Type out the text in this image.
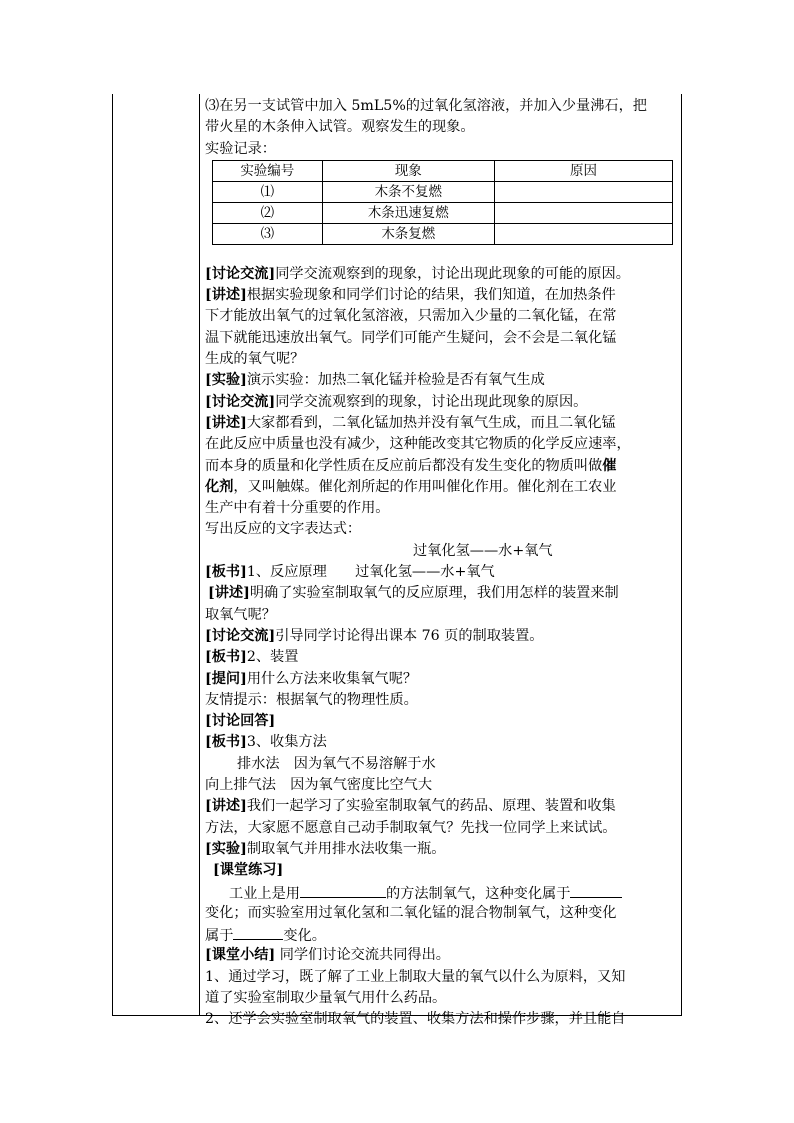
⑶在另一支试管中加入 5mL5%的过氧化氢溶液，并加入少量沸石，把
带火星的木条伸入试管。观察发生的现象。
实验记录：
实验编号	现象	原因
⑴	木条不复燃	
⑵	木条迅速复燃	
⑶	木条复燃	
[讨论交流]同学交流观察到的现象，讨论出现此现象的可能的原因。
[讲述]根据实验现象和同学们讨论的结果，我们知道，在加热条件
下才能放出氧气的过氧化氢溶液，只需加入少量的二氧化锰，在常
温下就能迅速放出氧气。同学们可能产生疑问，会不会是二氧化锰
生成的氧气呢？
[实验]演示实验：加热二氧化锰并检验是否有氧气生成
[讨论交流]同学交流观察到的现象，讨论出现此现象的原因。
[讲述]大家都看到，二氧化锰加热并没有氧气生成，而且二氧化锰
在此反应中质量也没有减少，这种能改变其它物质的化学反应速率，
而本身的质量和化学性质在反应前后都没有发生变化的物质叫做催
化剂，又叫触媒。催化剂所起的作用叫催化作用。催化剂在工农业
生产中有着十分重要的作用。
写出反应的文字表达式：
过氧化氢——水+氧气
[板书]1、反应原理　　过氧化氢——水+氧气
[讲述]明确了实验室制取氧气的反应原理，我们用怎样的装置来制
取氧气呢？
[讨论交流]引导同学讨论得出课本 76 页的制取装置。
[板书]2、装置
[提问]用什么方法来收集氧气呢？
友情提示：根据氧气的物理性质。
[讨论回答]
[板书]3、收集方法
排水法　因为氧气不易溶解于水
向上排气法　因为氧气密度比空气大
[讲述]我们一起学习了实验室制取氧气的药品、原理、装置和收集
方法，大家愿不愿意自己动手制取氧气？先找一位同学上来试试。
[实验]制取氧气并用排水法收集一瓶。
[课堂练习]
工业上是用	的方法制氧气，这种变化属于
变化；而实验室用过氧化氢和二氧化锰的混合物制氧气，这种变化
属于	变化。
[课堂小结] 同学们讨论交流共同得出。
1、通过学习，既了解了工业上制取大量的氧气以什么为原料，又知
道了实验室制取少量氧气用什么药品。
2、还学会实验室制取氧气的装置、收集方法和操作步骤，并且能自
